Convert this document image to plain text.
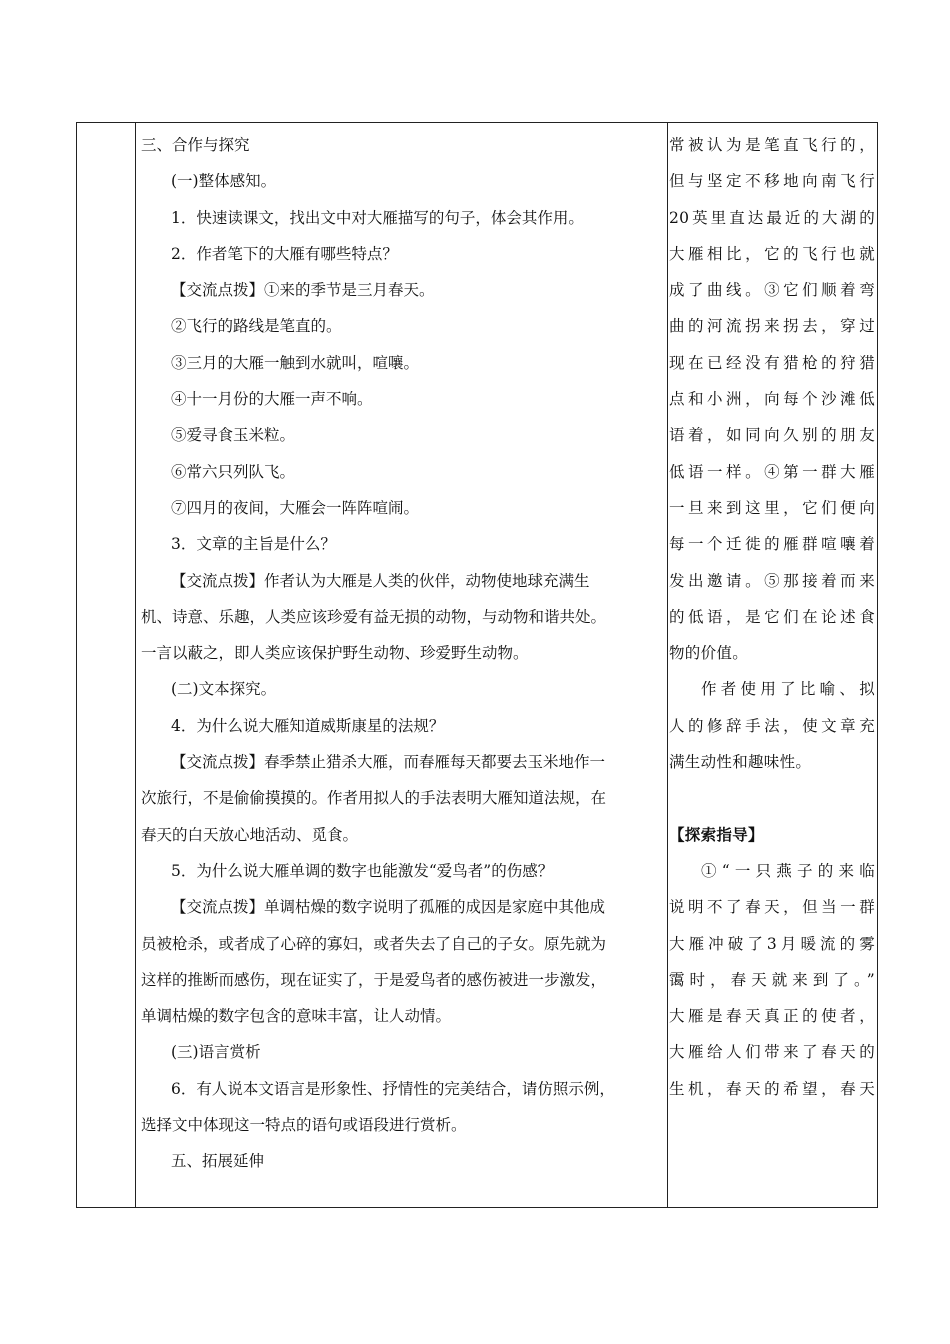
三、合作与探究
(一)整体感知。
1．快速读课文，找出文中对大雁描写的句子，体会其作用。
2．作者笔下的大雁有哪些特点？
【交流点拨】①来的季节是三月春天。
②飞行的路线是笔直的。
③三月的大雁一触到水就叫，喧嚷。
④十一月份的大雁一声不响。
⑤爱寻食玉米粒。
⑥常六只列队飞。
⑦四月的夜间，大雁会一阵阵喧闹。
3．文章的主旨是什么？
【交流点拨】作者认为大雁是人类的伙伴，动物使地球充满生
机、诗意、乐趣，人类应该珍爱有益无损的动物，与动物和谐共处。
一言以蔽之，即人类应该保护野生动物、珍爱野生动物。
(二)文本探究。
4．为什么说大雁知道威斯康星的法规？
【交流点拨】春季禁止猎杀大雁，而春雁每天都要去玉米地作一
次旅行，不是偷偷摸摸的。作者用拟人的手法表明大雁知道法规，在
春天的白天放心地活动、觅食。
5．为什么说大雁单调的数字也能激发“爱鸟者”的伤感？
【交流点拨】单调枯燥的数字说明了孤雁的成因是家庭中其他成
员被枪杀，或者成了心碎的寡妇，或者失去了自己的子女。原先就为
这样的推断而感伤，现在证实了，于是爱鸟者的感伤被进一步激发，
单调枯燥的数字包含的意味丰富，让人动情。
(三)语言赏析
6．有人说本文语言是形象性、抒情性的完美结合，请仿照示例，
选择文中体现这一特点的语句或语段进行赏析。
五、拓展延伸
常被认为是笔直飞行的，
但与坚定不移地向南飞行
20英里直达最近的大湖的
大雁相比，它的飞行也就
成了曲线。③它们顺着弯
曲的河流拐来拐去，穿过
现在已经没有猎枪的狩猎
点和小洲，向每个沙滩低
语着，如同向久别的朋友
低语一样。④第一群大雁
一旦来到这里，它们便向
每一个迁徙的雁群喧嚷着
发出邀请。⑤那接着而来
的低语，是它们在论述食
物的价值。
作者使用了比喻、拟
人的修辞手法，使文章充
满生动性和趣味性。
【探索指导】
①“一只燕子的来临
说明不了春天，但当一群
大雁冲破了3月暖流的雾
霭时，春天就来到了。”
大雁是春天真正的使者，
大雁给人们带来了春天的
生机，春天的希望，春天
